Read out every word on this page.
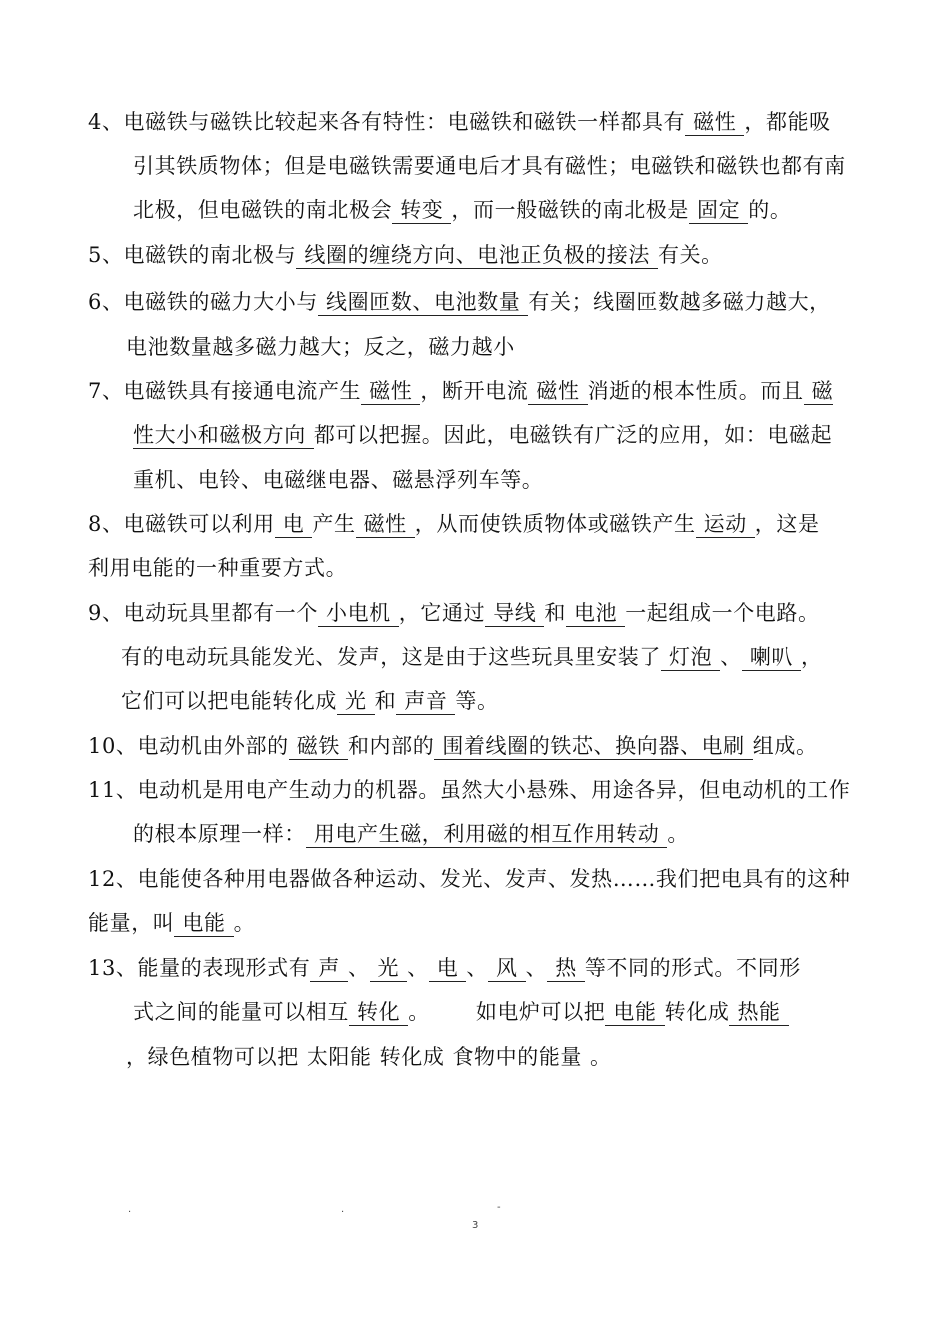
4、电磁铁与磁铁比较起来各有特性：电磁铁和磁铁一样都具有 磁性 ，都能吸
引其铁质物体；但是电磁铁需要通电后才具有磁性；电磁铁和磁铁也都有南
北极，但电磁铁的南北极会 转变 ，而一般磁铁的南北极是 固定 的。
5、电磁铁的南北极与 线圈的缠绕方向、电池正负极的接法 有关。
6、电磁铁的磁力大小与 线圈匝数、电池数量 有关；线圈匝数越多磁力越大，
电池数量越多磁力越大；反之，磁力越小
7、电磁铁具有接通电流产生 磁性 ，断开电流 磁性 消逝的根本性质。而且 磁
性大小和磁极方向 都可以把握。因此，电磁铁有广泛的应用，如：电磁起
重机、电铃、电磁继电器、磁悬浮列车等。
8、电磁铁可以利用 电 产生 磁性 ，从而使铁质物体或磁铁产生 运动 ，这是
利用电能的一种重要方式。
9、电动玩具里都有一个 小电机 ，它通过 导线 和 电池 一起组成一个电路。
有的电动玩具能发光、发声，这是由于这些玩具里安装了 灯泡 、 喇叭 ，
它们可以把电能转化成 光 和 声音 等。
10、电动机由外部的 磁铁 和内部的 围着线圈的铁芯、换向器、电刷 组成。
11、电动机是用电产生动力的机器。虽然大小悬殊、用途各异，但电动机的工作
的根本原理一样： 用电产生磁，利用磁的相互作用转动 。
12、电能使各种用电器做各种运动、发光、发声、发热……我们把电具有的这种
能量，叫 电能 。
13、能量的表现形式有 声 、 光 、 电 、 风 、 热 等不同的形式。不同形
式之间的能量可以相互 转化 。 如电炉可以把 电能 转化成 热能
，绿色植物可以把 太阳能 转化成 食物中的能量 。
.	.	-
3
